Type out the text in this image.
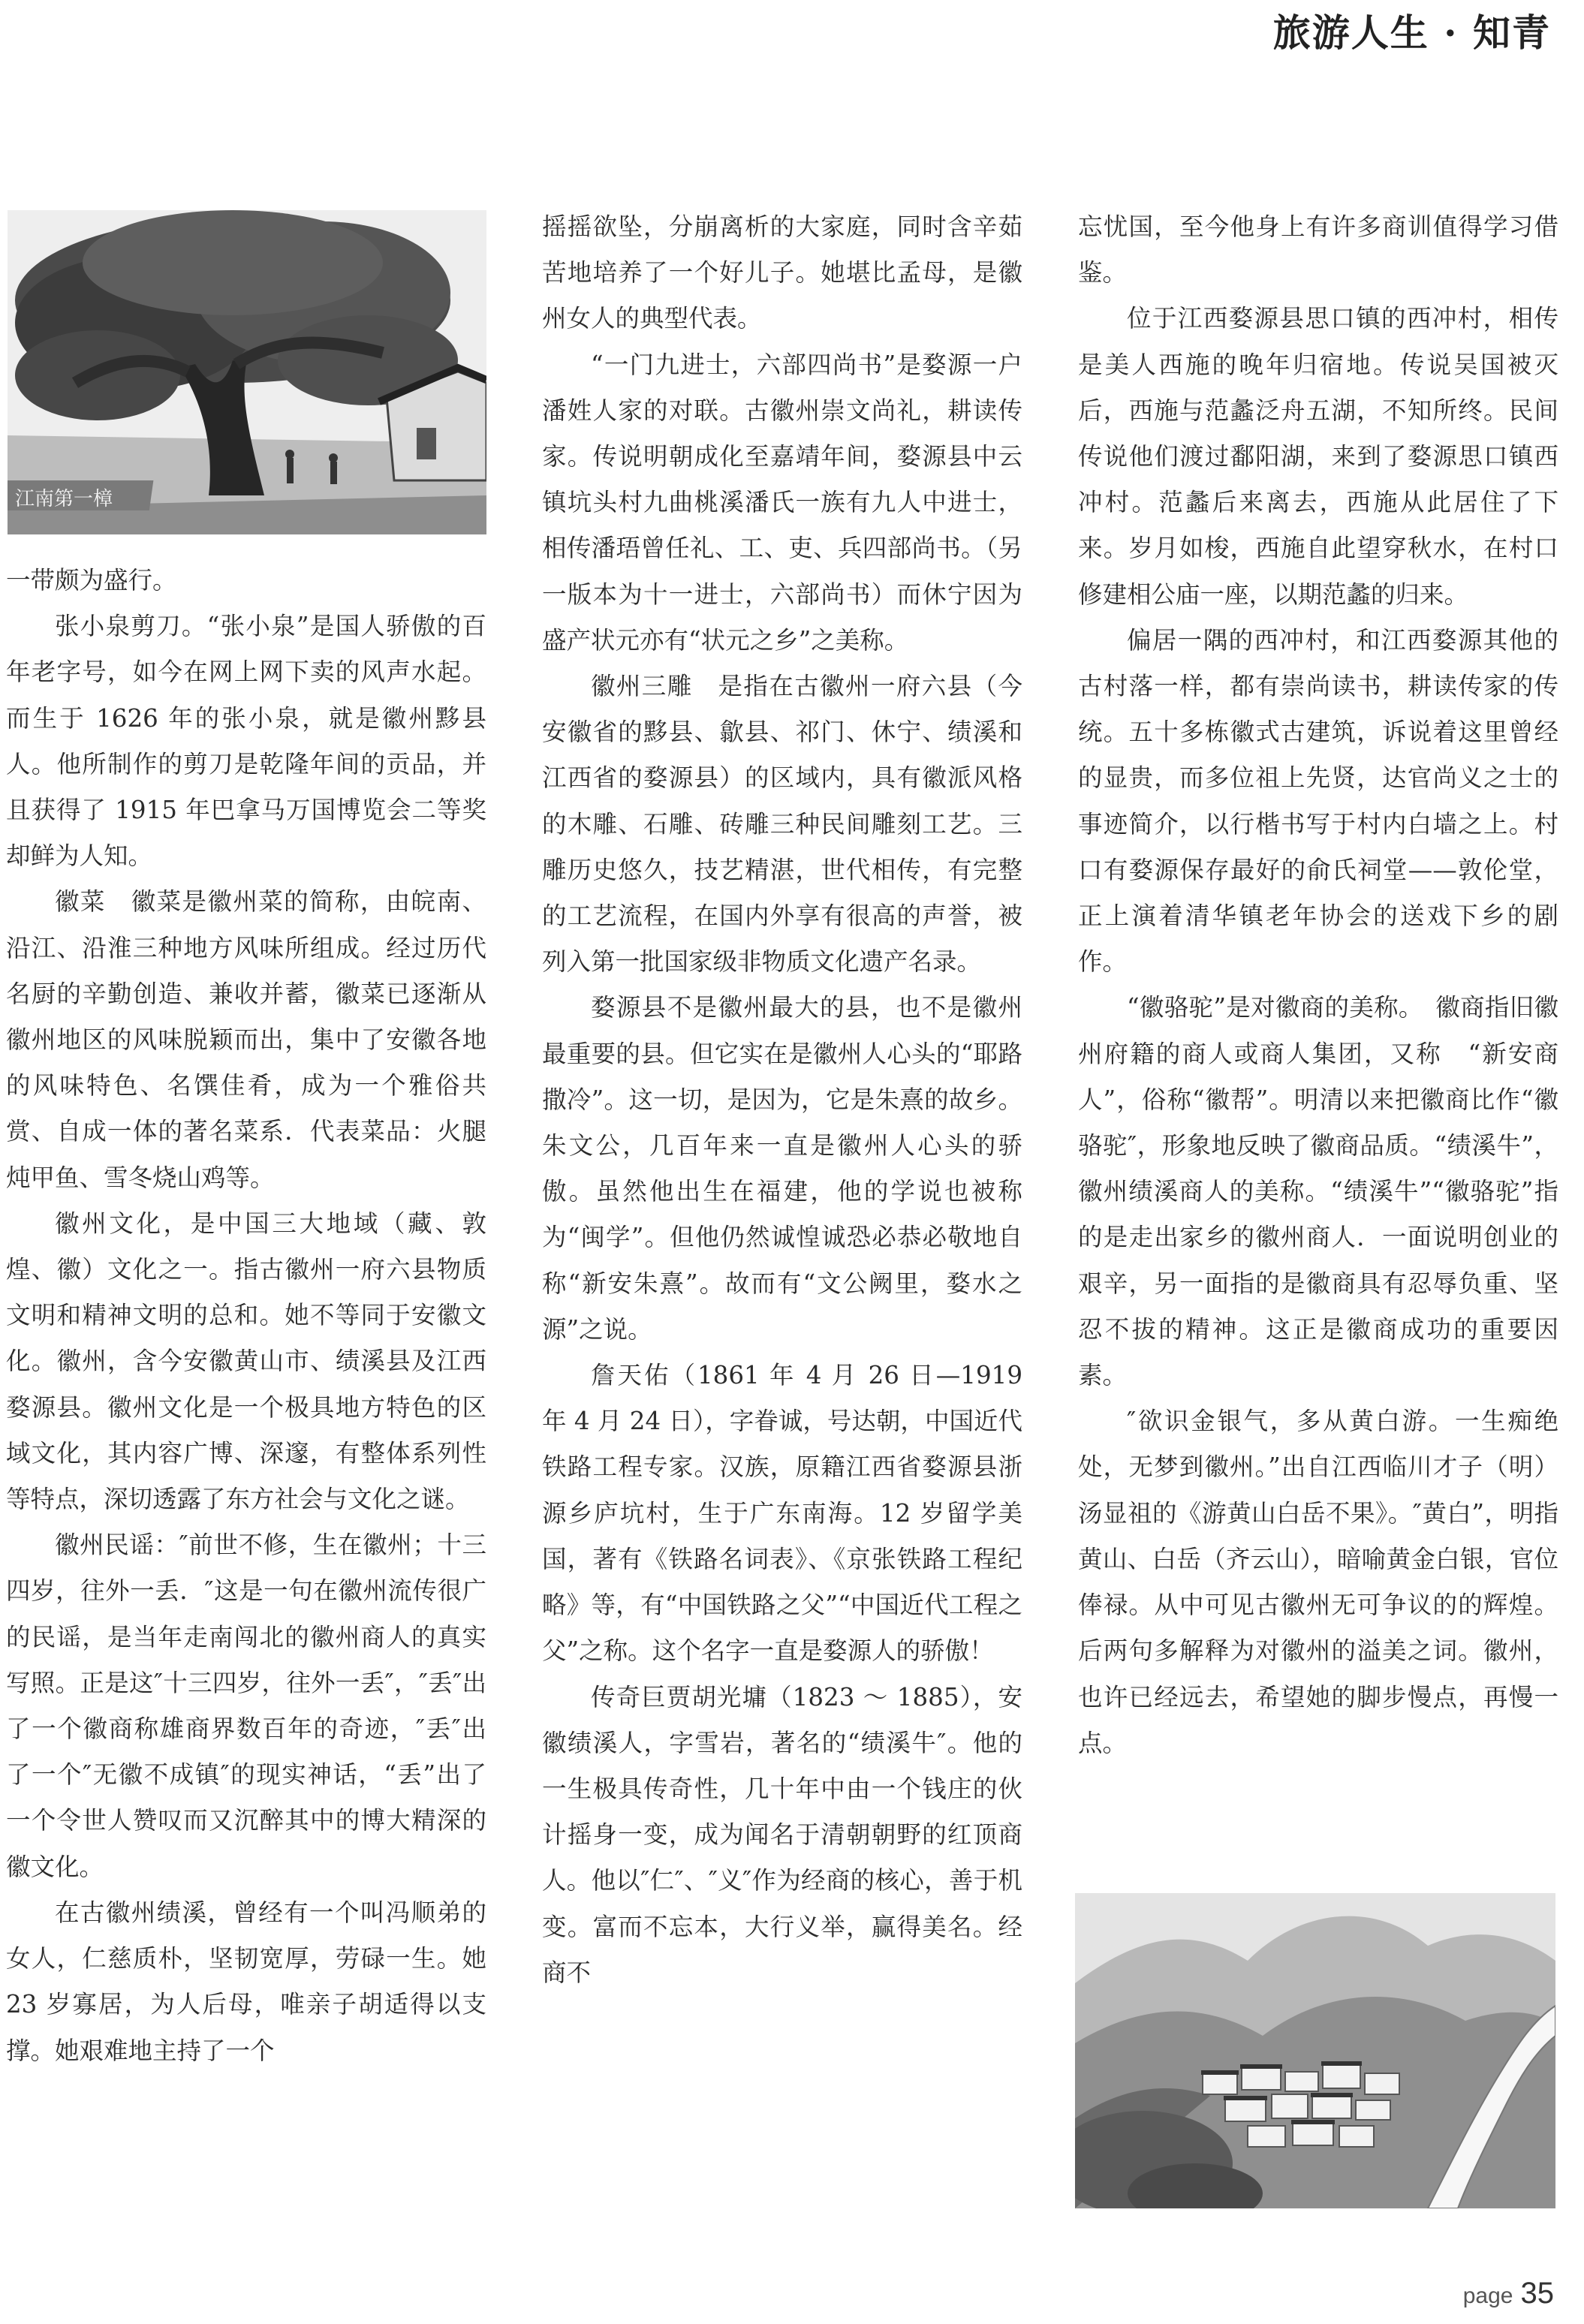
旅游人生 · 知青
江南第一樟

一带颇为盛行。

张小泉剪刀。“张小泉”是国人骄傲的百年老字号，如今在网上网下卖的风声水起。而生于 1626 年的张小泉，就是徽州黟县人。他所制作的剪刀是乾隆年间的贡品，并且获得了 1915 年巴拿马万国博览会二等奖却鲜为人知。

徽菜　徽菜是徽州菜的简称，由皖南、沿江、沿淮三种地方风味所组成。经过历代名厨的辛勤创造、兼收并蓄，徽菜已逐渐从徽州地区的风味脱颖而出，集中了安徽各地的风味特色、名馔佳肴，成为一个雅俗共赏、自成一体的著名菜系．代表菜品：火腿炖甲鱼、雪冬烧山鸡等。

徽州文化，是中国三大地域（藏、敦煌、徽）文化之一。指古徽州一府六县物质文明和精神文明的总和。她不等同于安徽文化。徽州，含今安徽黄山市、绩溪县及江西婺源县。徽州文化是一个极具地方特色的区域文化，其内容广博、深邃，有整体系列性等特点，深切透露了东方社会与文化之谜。

徽州民谣：″前世不修，生在徽州；十三四岁，往外一丢．″这是一句在徽州流传很广的民谣，是当年走南闯北的徽州商人的真实写照。正是这″十三四岁，往外一丢″，″丢″出了一个徽商称雄商界数百年的奇迹，″丢″出了一个″无徽不成镇″的现实神话，“丢”出了一个令世人赞叹而又沉醉其中的博大精深的徽文化。

在古徽州绩溪，曾经有一个叫冯顺弟的女人，仁慈质朴，坚韧宽厚，劳碌一生。她 23 岁寡居，为人后母，唯亲子胡适得以支撑。她艰难地主持了一个

摇摇欲坠，分崩离析的大家庭，同时含辛茹苦地培养了一个好儿子。她堪比孟母，是徽州女人的典型代表。

“一门九进士，六部四尚书”是婺源一户潘姓人家的对联。古徽州崇文尚礼，耕读传家。传说明朝成化至嘉靖年间，婺源县中云镇坑头村九曲桃溪潘氏一族有九人中进士，相传潘珸曾任礼、工、吏、兵四部尚书。（另一版本为十一进士，六部尚书）而休宁因为盛产状元亦有“状元之乡”之美称。

徽州三雕　是指在古徽州一府六县（今安徽省的黟县、歙县、祁门、休宁、绩溪和江西省的婺源县）的区域内，具有徽派风格的木雕、石雕、砖雕三种民间雕刻工艺。三雕历史悠久，技艺精湛，世代相传，有完整的工艺流程，在国内外享有很高的声誉，被列入第一批国家级非物质文化遗产名录。

婺源县不是徽州最大的县，也不是徽州最重要的县。但它实在是徽州人心头的“耶路撒冷”。这一切，是因为，它是朱熹的故乡。朱文公，几百年来一直是徽州人心头的骄傲。虽然他出生在福建，他的学说也被称为“闽学”。但他仍然诚惶诚恐必恭必敬地自称“新安朱熹”。故而有“文公阙里，婺水之源”之说。

詹天佑（1861 年 4 月 26 日—1919 年 4 月 24 日），字眷诚，号达朝，中国近代铁路工程专家。汉族，原籍江西省婺源县浙源乡庐坑村，生于广东南海。12 岁留学美国，著有《铁路名词表》、《京张铁路工程纪略》等，有“中国铁路之父”“中国近代工程之父”之称。这个名字一直是婺源人的骄傲！

传奇巨贾胡光墉（1823 ～ 1885），安徽绩溪人，字雪岩，著名的“绩溪牛″。他的一生极具传奇性，几十年中由一个钱庄的伙计摇身一变，成为闻名于清朝朝野的红顶商人。他以″仁″、″义″作为经商的核心，善于机变。富而不忘本，大行义举，赢得美名。经商不

忘忧国，至今他身上有许多商训值得学习借鉴。

位于江西婺源县思口镇的西冲村，相传是美人西施的晚年归宿地。传说吴国被灭后，西施与范蠡泛舟五湖，不知所终。民间传说他们渡过鄱阳湖，来到了婺源思口镇西冲村。范蠡后来离去，西施从此居住了下来。岁月如梭，西施自此望穿秋水，在村口修建相公庙一座，以期范蠡的归来。

偏居一隅的西冲村，和江西婺源其他的古村落一样，都有崇尚读书，耕读传家的传统。五十多栋徽式古建筑，诉说着这里曾经的显贵，而多位祖上先贤，达官尚义之士的事迹简介，以行楷书写于村内白墙之上。村口有婺源保存最好的俞氏祠堂——敦伦堂，正上演着清华镇老年协会的送戏下乡的剧作。

“徽骆驼”是对徽商的美称。　徽商指旧徽州府籍的商人或商人集团，又称　“新安商人”，俗称“徽帮”。明清以来把徽商比作“徽骆驼″，形象地反映了徽商品质。“绩溪牛”，徽州绩溪商人的美称。“绩溪牛”“徽骆驼”指的是走出家乡的徽州商人．一面说明创业的艰辛，另一面指的是徽商具有忍辱负重、坚忍不拔的精神。这正是徽商成功的重要因素。

″欲识金银气，多从黄白游。一生痴绝处，无梦到徽州。”出自江西临川才子（明）汤显祖的《游黄山白岳不果》。″黄白”，明指黄山、白岳（齐云山），暗喻黄金白银，官位俸禄。从中可见古徽州无可争议的的辉煌。后两句多解释为对徽州的溢美之词。徽州，也许已经远去，希望她的脚步慢点，再慢一点。

page 35
